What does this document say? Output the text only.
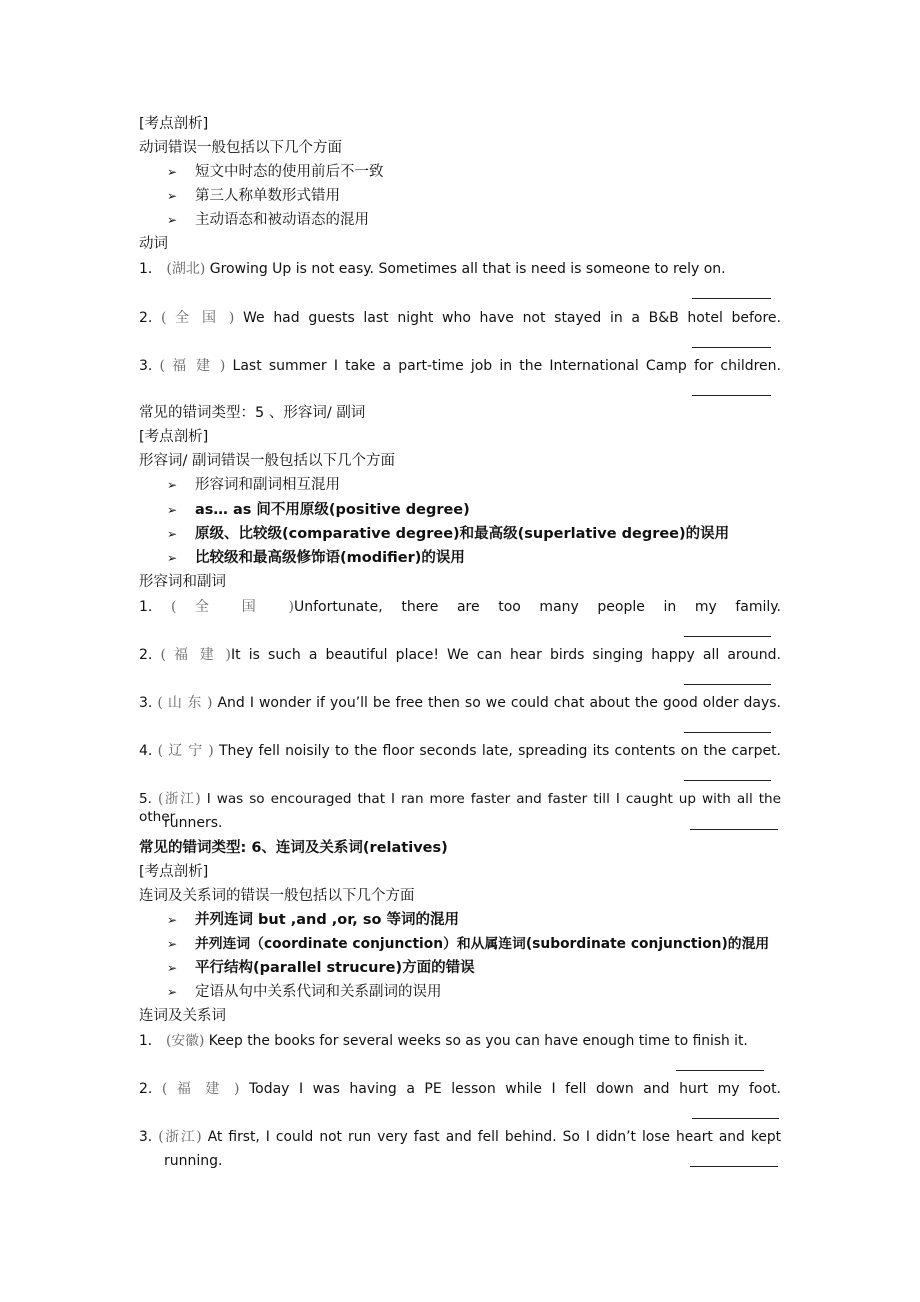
[考点剖析]
动词错误一般包括以下几个方面
➢ 短文中时态的使用前后不一致
➢ 第三人称单数形式错用
➢ 主动语态和被动语态的混用
动词
1． (湖北) Growing Up is not easy. Sometimes all that is need is someone to rely on.
2. ( 全 国 ) We had guests last night who have not stayed in a B&B hotel before.
3. ( 福 建 ) Last summer I take a part-time job in the International Camp for children.
常见的错词类型：5 、形容词/ 副词
[考点剖析]
形容词/ 副词错误一般包括以下几个方面
➢ 形容词和副词相互混用
➢ as… as 间不用原级(positive degree)
➢ 原级、比较级(comparative degree)和最高级(superlative degree)的误用
➢ 比较级和最高级修饰语(modifier)的误用
形容词和副词
1. ( 全 国 )Unfortunate, there are too many people in my family.
2. ( 福 建 )It is such a beautiful place! We can hear birds singing happy all around.
3. ( 山 东 ) And I wonder if you’ll be free then so we could chat about the good older days.
4. ( 辽 宁 ) They fell noisily to the floor seconds late, spreading its contents on the carpet.
5. (浙江) I was so encouraged that I ran more faster and faster till I caught up with all the other
runners.
常见的错词类型: 6、连词及关系词(relatives)
[考点剖析]
连词及关系词的错误一般包括以下几个方面
➢ 并列连词 but ,and ,or, so 等词的混用
➢ 并列连词（coordinate conjunction）和从属连词(subordinate conjunction)的混用
➢ 平行结构(parallel strucure)方面的错误
➢ 定语从句中关系代词和关系副词的误用
连词及关系词
1． (安徽) Keep the books for several weeks so as you can have enough time to finish it.
2. ( 福 建 ) Today I was having a PE lesson while I fell down and hurt my foot.
3. (浙江) At first, I could not run very fast and fell behind. So I didn’t lose heart and kept
running.
